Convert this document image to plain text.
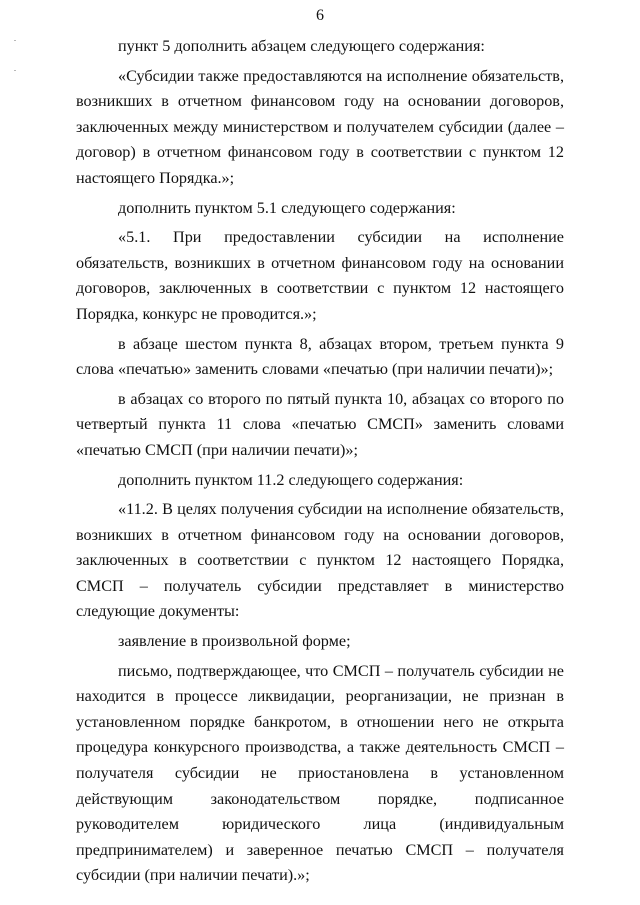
6

пункт 5 дополнить абзацем следующего содержания:

«Субсидии также предоставляются на исполнение обязательств, возникших в отчетном финансовом году на основании договоров, заключенных между министерством и получателем субсидии (далее – договор) в отчетном финансовом году в соответствии с пунктом 12 настоящего Порядка.»;

дополнить пунктом 5.1 следующего содержания:

«5.1. При предоставлении субсидии на исполнение обязательств, возникших в отчетном финансовом году на основании договоров, заключенных в соответствии с пунктом 12 настоящего Порядка, конкурс не проводится.»;

в абзаце шестом пункта 8, абзацах втором, третьем пункта 9 слова «печатью» заменить словами «печатью (при наличии печати)»;

в абзацах со второго по пятый пункта 10, абзацах со второго по четвертый пункта 11 слова «печатью СМСП» заменить словами «печатью СМСП (при наличии печати)»;

дополнить пунктом 11.2 следующего содержания:

«11.2. В целях получения субсидии на исполнение обязательств, возникших в отчетном финансовом году на основании договоров, заключенных в соответствии с пунктом 12 настоящего Порядка, СМСП – получатель субсидии представляет в министерство следующие документы:

заявление в произвольной форме;

письмо, подтверждающее, что СМСП – получатель субсидии не находится в процессе ликвидации, реорганизации, не признан в установленном порядке банкротом, в отношении него не открыта процедура конкурсного производства, а также деятельность СМСП – получателя субсидии не приостановлена в установленном действующим законодательством порядке, подписанное руководителем юридического лица (индивидуальным предпринимателем) и заверенное печатью СМСП – получателя субсидии (при наличии печати).»;
